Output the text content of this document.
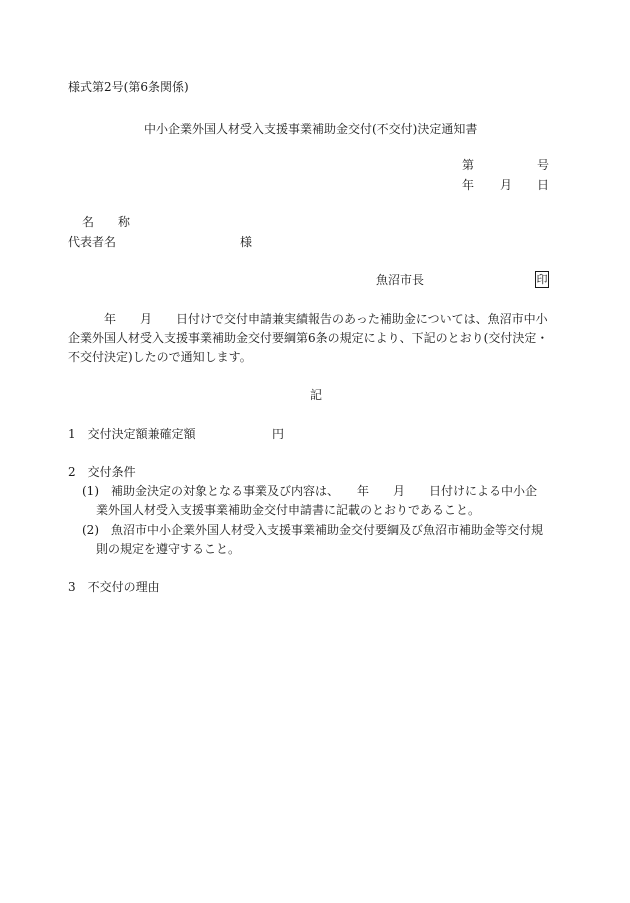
様式第2号(第6条関係)
中小企業外国人材受入支援事業補助金交付(不交付)決定通知書
第	号
年 月 日
名　　称
代表者名	様
魚沼市長	印
　　　年　　月　　日付けで交付申請兼実績報告のあった補助金については、魚沼市中小
企業外国人材受入支援事業補助金交付要綱第6条の規定により、下記のとおり(交付決定・
不交付決定)したので通知します。
記
1　交付決定額兼確定額	円
2　交付条件
(1)　補助金決定の対象となる事業及び内容は、　　年　　月　　日付けによる中小企
業外国人材受入支援事業補助金交付申請書に記載のとおりであること。
(2)　魚沼市中小企業外国人材受入支援事業補助金交付要綱及び魚沼市補助金等交付規
則の規定を遵守すること。
3　不交付の理由
